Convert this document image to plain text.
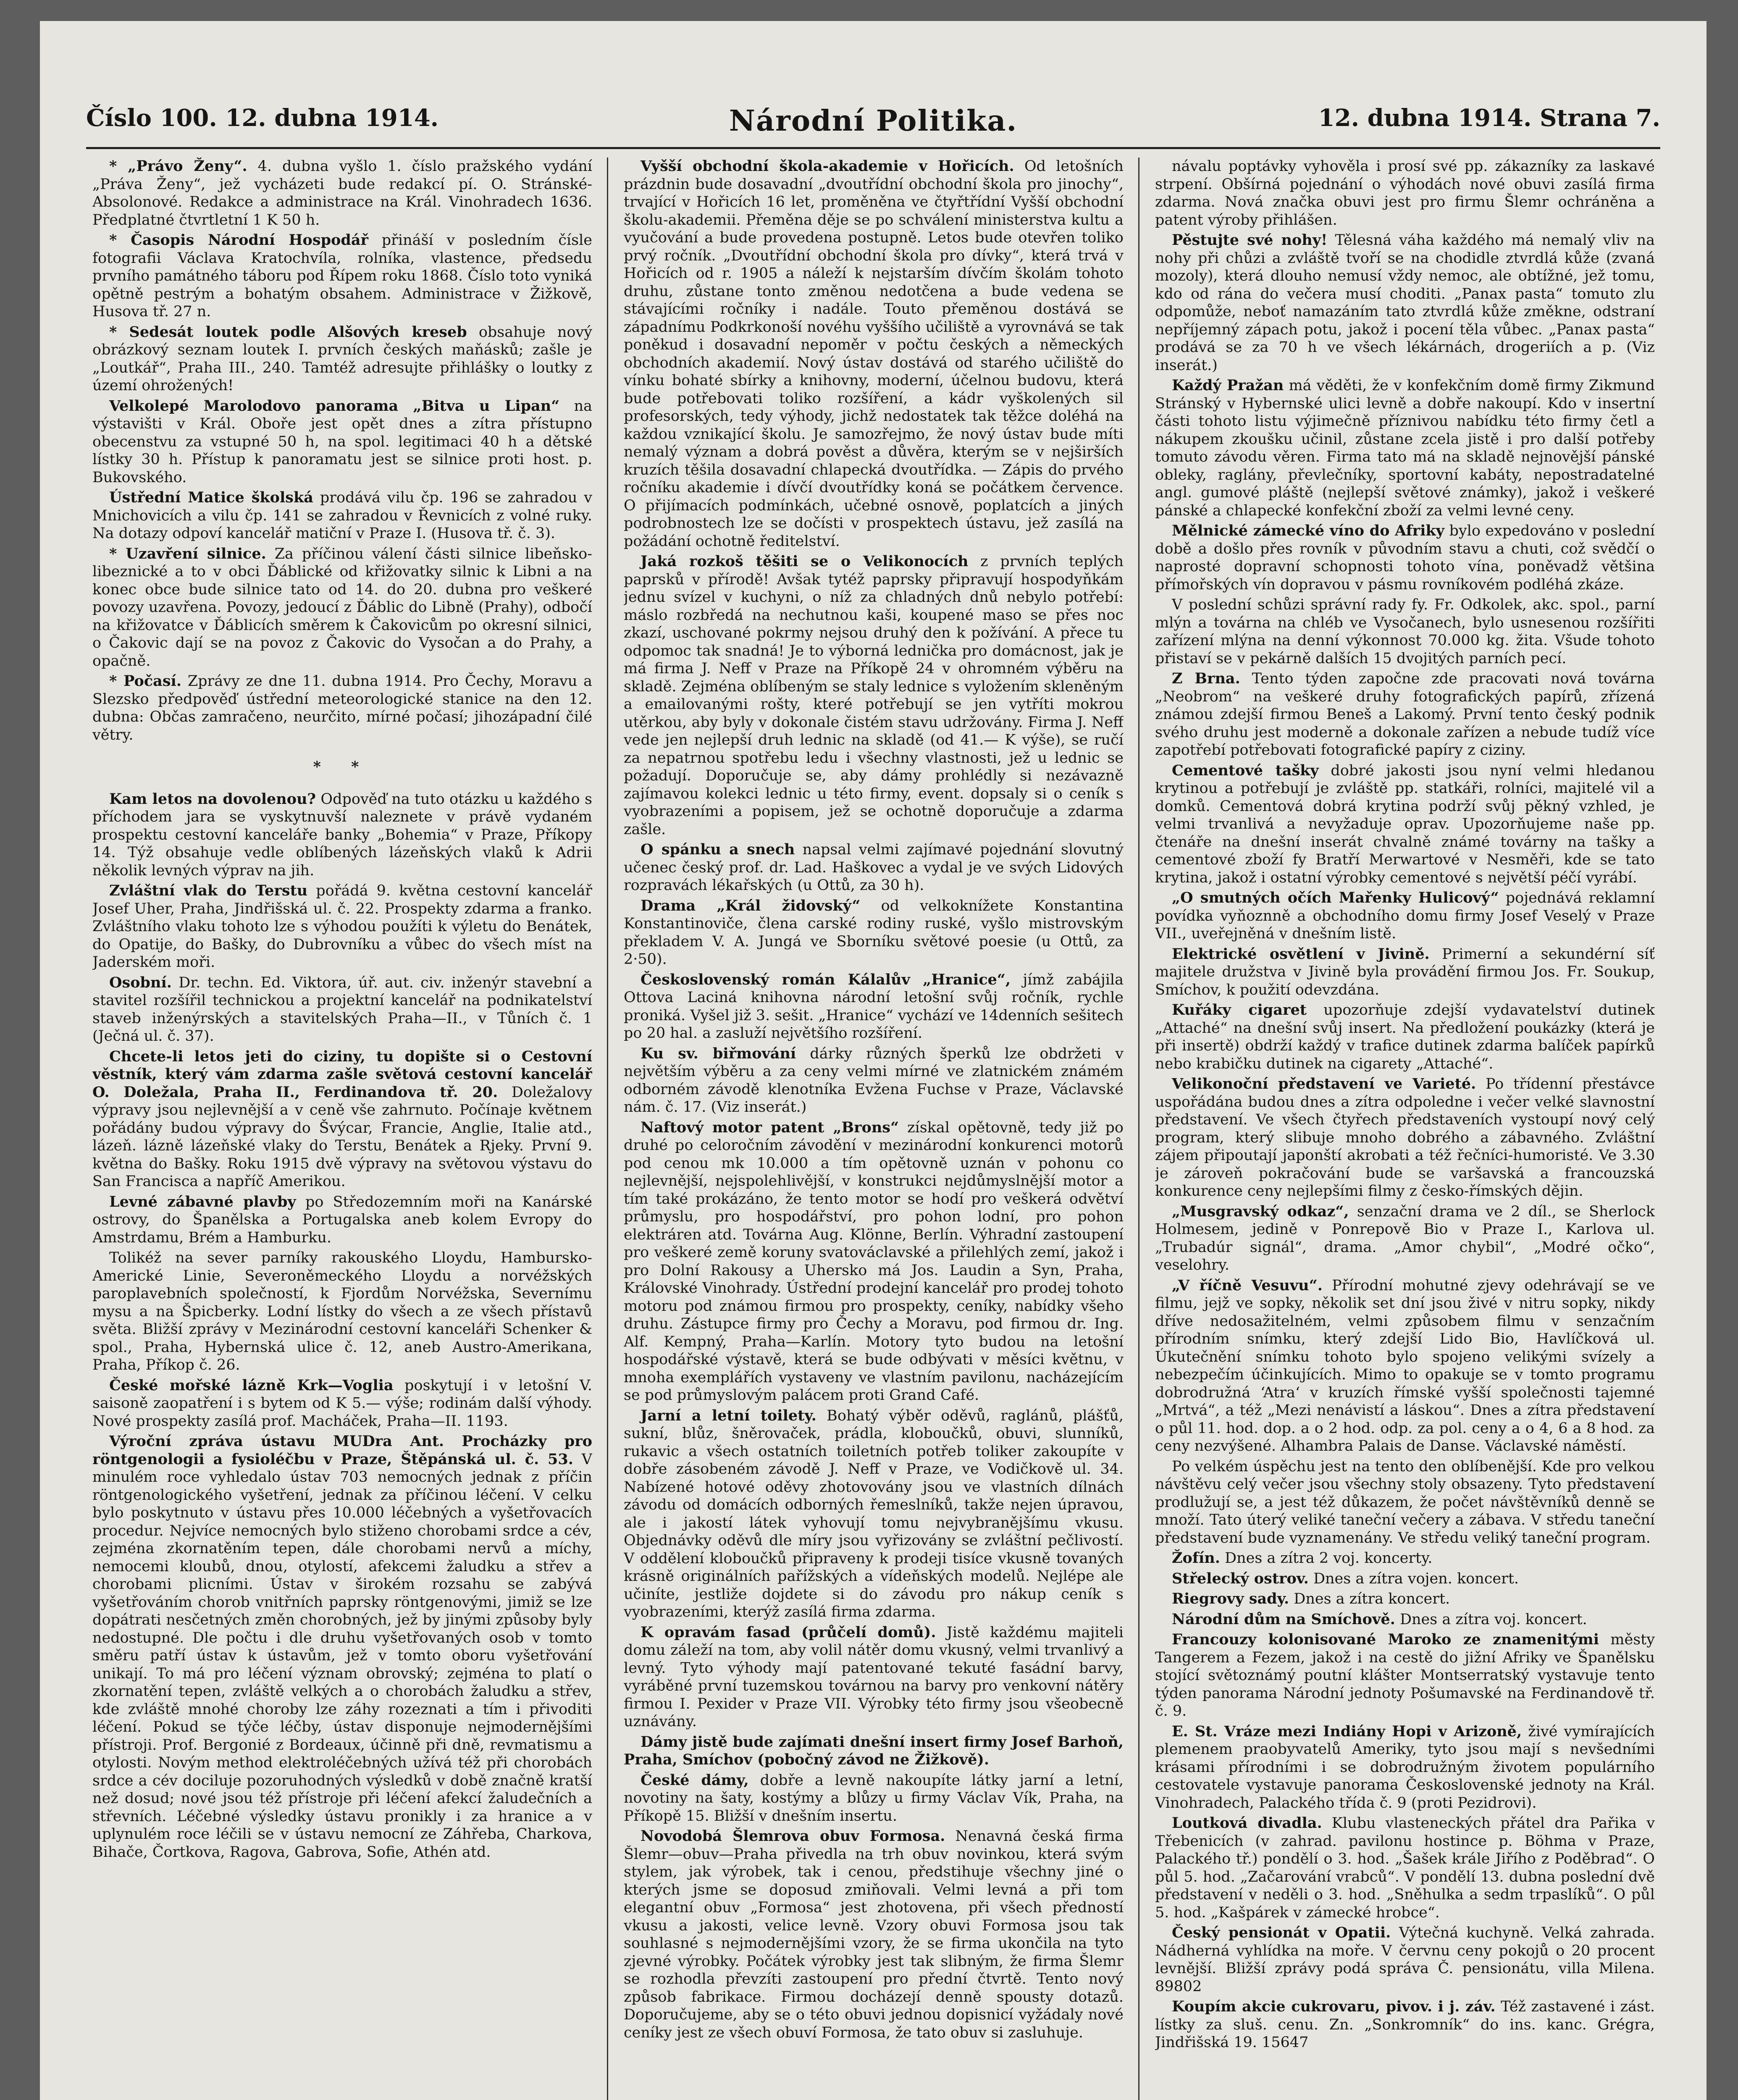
Číslo 100. 12. dubna 1914.	Národní Politika.	12. dubna 1914. Strana 7.

* „Právo Ženy“. 4. dubna vyšlo 1. číslo pražského vydání „Práva Ženy“, jež vycházeti bude redakcí pí. O. Stránské-Absolonové. Redakce a administrace na Král. Vinohradech 1636. Předplatné čtvrtletní 1 K 50 h.

* Časopis Národní Hospodář přináší v posledním čísle fotografii Václava Kratochvíla, rolníka, vlastence, předsedu prvního památného táboru pod Řípem roku 1868. Číslo toto vyniká opětně pestrým a bohatým obsahem. Administrace v Žižkově, Husova tř. 27 n.

* Sedesát loutek podle Alšových kreseb obsahuje nový obrázkový seznam loutek I. prvních českých maňásků; zašle je „Loutkář“, Praha III., 240. Tamtéž adresujte přihlášky o loutky z území ohrožených!

Velkolepé Marolodovo panorama „Bitva u Lipan“ na výstavišti v Král. Oboře jest opět dnes a zítra přístupno obecenstvu za vstupné 50 h, na spol. legitimaci 40 h a dětské lístky 30 h. Přístup k panoramatu jest se silnice proti host. p. Bukovského.

Ústřední Matice školská prodává vilu čp. 196 se zahradou v Mnichovicích a vilu čp. 141 se zahradou v Řevnicích z volné ruky. Na dotazy odpoví kancelář matiční v Praze I. (Husova tř. č. 3).

* Uzavření silnice. Za příčinou válení části silnice libeňsko-libeznické a to v obci Ďáblické od křižovatky silnic k Libni a na konec obce bude silnice tato od 14. do 20. dubna pro veškeré povozy uzavřena. Povozy, jedoucí z Ďáblic do Libně (Prahy), odbočí na křižovatce v Ďáblicích směrem k Čakovicům po okresní silnici, o Čakovic dají se na povoz z Čakovic do Vysočan a do Prahy, a opačně.

* Počasí. Zprávy ze dne 11. dubna 1914. Pro Čechy, Moravu a Slezsko předpověď ústřední meteorologické stanice na den 12. dubna: Občas zamračeno, neurčito, mírné počasí; jihozápadní čilé větry.

* *

Kam letos na dovolenou? Odpověď na tuto otázku u každého s příchodem jara se vyskytnuvší naleznete v právě vydaném prospektu cestovní kanceláře banky „Bohemia“ v Praze, Příkopy 14. Týž obsahuje vedle oblíbených lázeňských vlaků k Adrii několik levných výprav na jih.

Zvláštní vlak do Terstu pořádá 9. května cestovní kancelář Josef Uher, Praha, Jindřišská ul. č. 22. Prospekty zdarma a franko. Zvláštního vlaku tohoto lze s výhodou použíti k výletu do Benátek, do Opatije, do Bašky, do Dubrovníku a vůbec do všech míst na Jaderském moři.

Osobní. Dr. techn. Ed. Viktora, úř. aut. civ. inženýr stavební a stavitel rozšířil technickou a projektní kancelář na podnikatelství staveb inženýrských a stavitelských Praha—II., v Tůních č. 1 (Ječná ul. č. 37).

Chcete-li letos jeti do ciziny, tu dopište si o Cestovní věstník, který vám zdarma zašle světová cestovní kancelář O. Doležala, Praha II., Ferdinandova tř. 20. Doležalovy výpravy jsou nejlevnější a v ceně vše zahrnuto. Počínaje květnem pořádány budou výpravy do Švýcar, Francie, Anglie, Italie atd., lázeň. lázně lázeňské vlaky do Terstu, Benátek a Rjeky. První 9. května do Bašky. Roku 1915 dvě výpravy na světovou výstavu do San Francisca a napříč Amerikou.

Levné zábavné plavby po Středozemním moři na Kanárské ostrovy, do Španělska a Portugalska aneb kolem Evropy do Amstrdamu, Brém a Hamburku.

Tolikéž na sever parníky rakouského Lloydu, Hambursko-Americké Linie, Severoněmeckého Lloydu a norvéžských paroplavebních společností, k Fjordům Norvéžska, Severnímu mysu a na Špicberky. Lodní lístky do všech a ze všech přístavů světa. Bližší zprávy v Mezinárodní cestovní kanceláři Schenker & spol., Praha, Hybernská ulice č. 12, aneb Austro-Amerikana, Praha, Příkop č. 26.

České mořské lázně Krk—Voglia poskytují i v letošní V. saisoně zaopatření i s bytem od K 5.— výše; rodinám další výhody. Nové prospekty zasílá prof. Macháček, Praha—II. 1193.

Výroční zpráva ústavu MUDra Ant. Procházky pro röntgenologii a fysioléčbu v Praze, Štěpánská ul. č. 53. V minulém roce vyhledalo ústav 703 nemocných jednak z příčin röntgenologického vyšetření, jednak za příčinou léčení. V celku bylo poskytnuto v ústavu přes 10.000 léčebných a vyšetřovacích procedur. Nejvíce nemocných bylo stiženo chorobami srdce a cév, zejména zkornatěním tepen, dále chorobami nervů a míchy, nemocemi kloubů, dnou, otylostí, afekcemi žaludku a střev a chorobami plicními. Ústav v širokém rozsahu se zabývá vyšetřováním chorob vnitřních paprsky röntgenovými, jimiž se lze dopátrati nesčetných změn chorobných, jež by jinými způsoby byly nedostupné. Dle počtu i dle druhu vyšetřovaných osob v tomto směru patří ústav k ústavům, jež v tomto oboru vyšetřování unikají. To má pro léčení význam obrovský; zejména to platí o zkornatění tepen, zvláště velkých a o chorobách žaludku a střev, kde zvláště mnohé choroby lze záhy rozeznati a tím i přivoditi léčení. Pokud se týče léčby, ústav disponuje nejmodernějšími přístroji. Prof. Bergonié z Bordeaux, účinně při dně, revmatismu a otylosti. Novým method elektroléčebných užívá též při chorobách srdce a cév dociluje pozoruhodných výsledků v době značně kratší než dosud; nové jsou též přístroje při léčení afekcí žaludečních a střevních. Léčebné výsledky ústavu pronikly i za hranice a v uplynulém roce léčili se v ústavu nemocní ze Záhřeba, Charkova, Bihače, Čortkova, Ragova, Gabrova, Sofie, Athén atd.

Vyšší obchodní škola-akademie v Hořicích. Od letošních prázdnin bude dosavadní „dvoutřídní obchodní škola pro jinochy“, trvající v Hořicích 16 let, proměněna ve čtyřtřídní Vyšší obchodní školu-akademii. Přeměna děje se po schválení ministerstva kultu a vyučování a bude provedena postupně. Letos bude otevřen toliko prvý ročník. „Dvoutřídní obchodní škola pro dívky“, která trvá v Hořicích od r. 1905 a náleží k nejstarším dívčím školám tohoto druhu, zůstane tonto změnou nedotčena a bude vedena se stávajícími ročníky i nadále. Touto přeměnou dostává se západnímu Podkrkonoší novéhu vyššího učiliště a vyrovnává se tak poněkud i dosavadní nepoměr v počtu českých a německých obchodních akademií. Nový ústav dostává od starého učiliště do vínku bohaté sbírky a knihovny, moderní, účelnou budovu, která bude potřebovati toliko rozšíření, a kádr vyškolených sil profesorských, tedy výhody, jichž nedostatek tak těžce doléhá na každou vznikající školu. Je samozřejmo, že nový ústav bude míti nemalý význam a dobrá pověst a důvěra, kterým se v nejširších kruzích těšila dosavadní chlapecká dvoutřídka. — Zápis do prvého ročníku akademie i dívčí dvoutřídky koná se počátkem července. O přijímacích podmínkách, učebné osnově, poplatcích a jiných podrobnostech lze se dočísti v prospektech ústavu, jež zasílá na požádání ochotně ředitelství.

Jaká rozkoš těšiti se o Velikonocích z prvních teplých paprsků v přírodě! Avšak tytéž paprsky připravují hospodyňkám jednu svízel v kuchyni, o níž za chladných dnů nebylo potřebí: máslo rozbředá na nechutnou kaši, koupené maso se přes noc zkazí, uschované pokrmy nejsou druhý den k požívání. A přece tu odpomoc tak snadná! Je to výborná lednička pro domácnost, jak je má firma J. Neff v Praze na Příkopě 24 v ohromném výběru na skladě. Zejména oblíbeným se staly lednice s vyložením skleněným a emailovanými rošty, které potřebují se jen vytříti mokrou utěrkou, aby byly v dokonale čistém stavu udržovány. Firma J. Neff vede jen nejlepší druh lednic na skladě (od 41.— K výše), se ručí za nepatrnou spotřebu ledu i všechny vlastnosti, jež u lednic se požadují. Doporučuje se, aby dámy prohlédly si nezávazně zajímavou kolekci lednic u této firmy, event. dopsaly si o ceník s vyobrazeními a popisem, jež se ochotně doporučuje a zdarma zašle.

O spánku a snech napsal velmi zajímavé pojednání slovutný učenec český prof. dr. Lad. Haškovec a vydal je ve svých Lidových rozpravách lékařských (u Ottů, za 30 h).

Drama „Král židovský“ od velkoknížete Konstantina Konstantinoviče, člena carské rodiny ruské, vyšlo mistrovským překladem V. A. Jungá ve Sborníku světové poesie (u Ottů, za 2·50).

Československý román Kálalův „Hranice“, jímž zabájila Ottova Laciná knihovna národní letošní svůj ročník, rychle proniká. Vyšel již 3. sešit. „Hranice“ vychází ve 14denních sešitech po 20 hal. a zasluží největšího rozšíření.

Ku sv. biřmování dárky různých šperků lze obdržeti v největším výběru a za ceny velmi mírné ve zlatnickém známém odborném závodě klenotníka Evžena Fuchse v Praze, Václavské nám. č. 17. (Viz inserát.)

Naftový motor patent „Brons“ získal opětovně, tedy již po druhé po celoročním závodění v mezinárodní konkurenci motorů pod cenou mk 10.000 a tím opětovně uznán v pohonu co nejlevnější, nejspolehlivější, v konstrukci nejdůmyslnější motor a tím také prokázáno, že tento motor se hodí pro veškerá odvětví průmyslu, pro hospodářství, pro pohon lodní, pro pohon elektráren atd. Továrna Aug. Klönne, Berlín. Výhradní zastoupení pro veškeré země koruny svatováclavské a přilehlých zemí, jakož i pro Dolní Rakousy a Uhersko má Jos. Laudin a Syn, Praha, Královské Vinohrady. Ústřední prodejní kancelář pro prodej tohoto motoru pod známou firmou pro prospekty, ceníky, nabídky všeho druhu. Zástupce firmy pro Čechy a Moravu, pod firmou dr. Ing. Alf. Kempný, Praha—Karlín. Motory tyto budou na letošní hospodářské výstavě, která se bude odbývati v měsíci květnu, v mnoha exemplářích vystaveny ve vlastním pavilonu, nacházejícím se pod průmyslovým palácem proti Grand Café.

Jarní a letní toilety. Bohatý výběr oděvů, raglánů, plášťů, sukní, blůz, šněrovaček, prádla, kloboučků, obuvi, slunníků, rukavic a všech ostatních toiletních potřeb toliker zakoupíte v dobře zásobeném závodě J. Neff v Praze, ve Vodičkově ul. 34. Nabízené hotové oděvy zhotovovány jsou ve vlastních dílnách závodu od domácích odborných řemeslníků, takže nejen úpravou, ale i jakostí látek vyhovují tomu nejvybranějšímu vkusu. Objednávky oděvů dle míry jsou vyřizovány se zvláštní pečlivostí. V oddělení kloboučků připraveny k prodeji tisíce vkusně tovaných krásně originálních pařížských a vídeňských modelů. Nejlépe ale učiníte, jestliže dojdete si do závodu pro nákup ceník s vyobrazeními, kterýž zasílá firma zdarma.

K opravám fasad (průčelí domů). Jistě každému majiteli domu záleží na tom, aby volil nátěr domu vkusný, velmi trvanlivý a levný. Tyto výhody mají patentované tekuté fasádní barvy, vyráběné první tuzemskou továrnou na barvy pro venkovní nátěry firmou I. Pexider v Praze VII. Výrobky této firmy jsou všeobecně uznávány.

Dámy jistě bude zajímati dnešní insert firmy Josef Barhoň, Praha, Smíchov (pobočný závod ne Žižkově).

České dámy, dobře a levně nakoupíte látky jarní a letní, novotiny na šaty, kostýmy a blůzy u firmy Václav Vík, Praha, na Příkopě 15. Bližší v dnešním insertu.

Novodobá Šlemrova obuv Formosa. Nenavná česká firma Šlemr—obuv—Praha přivedla na trh obuv novinkou, která svým stylem, jak výrobek, tak i cenou, předstihuje všechny jiné o kterých jsme se doposud zmiňovali. Velmi levná a při tom elegantní obuv „Formosa“ jest zhotovena, při všech předností vkusu a jakosti, velice levně. Vzory obuvi Formosa jsou tak souhlasné s nejmodernějšími vzory, že se firma ukončila na tyto zjevné výrobky. Počátek výrobky jest tak slibným, že firma Šlemr se rozhodla převzíti zastoupení pro přední čtvrtě. Tento nový způsob fabrikace. Firmou docházejí denně spousty dotazů. Doporučujeme, aby se o této obuvi jednou dopisnicí vyžádaly nové ceníky jest ze všech obuví Formosa, že tato obuv si zasluhuje.

návalu poptávky vyhověla i prosí své pp. zákazníky za laskavé strpení. Obšírná pojednání o výhodách nové obuvi zasílá firma zdarma. Nová značka obuvi jest pro firmu Šlemr ochráněna a patent výroby přihlášen.

Pěstujte své nohy! Tělesná váha každého má nemalý vliv na nohy při chůzi a zvláště tvoří se na chodidle ztvrdlá kůže (zvaná mozoly), která dlouho nemusí vždy nemoc, ale obtížné, jež tomu, kdo od rána do večera musí choditi. „Panax pasta“ tomuto zlu odpomůže, neboť namazáním tato ztvrdlá kůže změkne, odstraní nepříjemný zápach potu, jakož i pocení těla vůbec. „Panax pasta“ prodává se za 70 h ve všech lékárnách, drogeriích a p. (Viz inserát.)

Každý Pražan má věděti, že v konfekčním domě firmy Zikmund Stránský v Hybernské ulici levně a dobře nakoupí. Kdo v insertní části tohoto listu výjimečně příznivou nabídku této firmy četl a nákupem zkoušku učinil, zůstane zcela jistě i pro další potřeby tomuto závodu věren. Firma tato má na skladě nejnovější pánské obleky, raglány, převlečníky, sportovní kabáty, nepostradatelné angl. gumové pláště (nejlepší světové známky), jakož i veškeré pánské a chlapecké konfekční zboží za velmi levné ceny.

Mělnické zámecké víno do Afriky bylo expedováno v poslední době a došlo přes rovník v původním stavu a chuti, což svědčí o naprosté dopravní schopnosti tohoto vína, poněvadž většina přímořských vín dopravou v pásmu rovníkovém podléhá zkáze.

V poslední schůzi správní rady fy. Fr. Odkolek, akc. spol., parní mlýn a továrna na chléb ve Vysočanech, bylo usnesenou rozšířiti zařízení mlýna na denní výkonnost 70.000 kg. žita. Všude tohoto přistaví se v pekárně dalších 15 dvojitých parních pecí.

Z Brna. Tento týden započne zde pracovati nová továrna „Neobrom“ na veškeré druhy fotografických papírů, zřízená známou zdejší firmou Beneš a Lakomý. První tento český podnik svého druhu jest moderně a dokonale zařízen a nebude tudíž více zapotřebí potřebovati fotografické papíry z ciziny.

Cementové tašky dobré jakosti jsou nyní velmi hledanou krytinou a potřebují je zvláště pp. statkáři, rolníci, majitelé vil a domků. Cementová dobrá krytina podrží svůj pěkný vzhled, je velmi trvanlivá a nevyžaduje oprav. Upozorňujeme naše pp. čtenáře na dnešní inserát chvalně známé továrny na tašky a cementové zboží fy Bratří Merwartové v Nesměři, kde se tato krytina, jakož i ostatní výrobky cementové s největší péčí vyrábí.

„O smutných očích Mařenky Hulicový“ pojednává reklamní povídka vyňoznně a obchodního domu firmy Josef Veselý v Praze VII., uveřejněná v dnešním listě.

Elektrické osvětlení v Jivině. Primerní a sekundérní síť majitele družstva v Jivině byla provádění firmou Jos. Fr. Soukup, Smíchov, k použití odevzdána.

Kuřáky cigaret upozorňuje zdejší vydavatelství dutinek „Attaché“ na dnešní svůj insert. Na předložení poukázky (která je při insertě) obdrží každý v trafice dutinek zdarma balíček papírků nebo krabičku dutinek na cigarety „Attaché“.

Velikonoční představení ve Varieté. Po třídenní přestávce uspořádána budou dnes a zítra odpoledne i večer velké slavnostní představení. Ve všech čtyřech představeních vystoupí nový celý program, který slibuje mnoho dobrého a zábavného. Zvláštní zájem připoutají japonští akrobati a též řečníci-humoristé. Ve 3.30 je zároveň pokračování bude se varšavská a francouzská konkurence ceny nejlepšími filmy z česko-římských dějin.

„Musgravský odkaz“, senzační drama ve 2 díl., se Sherlock Holmesem, jedině v Ponrepově Bio v Praze I., Karlova ul. „Trubadúr signál“, drama. „Amor chybil“, „Modré očko“, veselohry.

„V říčně Vesuvu“. Přírodní mohutné zjevy odehrávají se ve filmu, jejž ve sopky, několik set dní jsou živé v nitru sopky, nikdy dříve nedosažitelném, velmi způsobem filmu v senzačním přírodním snímku, který zdejší Lido Bio, Havlíčková ul. Úkutečnění snímku tohoto bylo spojeno velikými svízely a nebezpečím účinkujících. Mimo to opakuje se v tomto programu dobrodružná ‘Atra‘ v kruzích římské vyšší společnosti tajemné „Mrtvá“, a též „Mezi nenávistí a láskou“. Dnes a zítra představení o půl 11. hod. dop. a o 2 hod. odp. za pol. ceny a o 4, 6 a 8 hod. za ceny nezvýšené. Alhambra Palais de Danse. Václavské náměstí.

Po velkém úspěchu jest na tento den oblíbenější. Kde pro velkou návštěvu celý večer jsou všechny stoly obsazeny. Tyto představení prodlužují se, a jest též důkazem, že počet návštěvníků denně se množí. Tato úterý veliké taneční večery a zábava. V středu taneční představení bude vyznamenány. Ve středu veliký taneční program.

Žofín. Dnes a zítra 2 voj. koncerty.

Střelecký ostrov. Dnes a zítra vojen. koncert.

Riegrovy sady. Dnes a zítra koncert.

Národní dům na Smíchově. Dnes a zítra voj. koncert.

Francouzy kolonisované Maroko ze znamenitými městy Tangerem a Fezem, jakož i na cestě do jižní Afriky ve Španělsku stojící světoznámý poutní klášter Montserratský vystavuje tento týden panorama Národní jednoty Pošumavské na Ferdinandově tř. č. 9.

E. St. Vráze mezi Indiány Hopi v Arizoně, živé vymírajících plemenem praobyvatelů Ameriky, tyto jsou mají s nevšedními krásami přírodními i se dobrodružným životem populárního cestovatele vystavuje panorama Československé jednoty na Král. Vinohradech, Palackého třída č. 9 (proti Pezidrovi).

Loutková divadla. Klubu vlasteneckých přátel dra Pařika v Třebenicích (v zahrad. pavilonu hostince p. Böhma v Praze, Palackého tř.) pondělí o 3. hod. „Šašek krále Jiřího z Poděbrad“. O půl 5. hod. „Začarování vrabců“. V pondělí 13. dubna poslední dvě představení v neděli o 3. hod. „Sněhulka a sedm trpaslíků“. O půl 5. hod. „Kašpárek v zámecké hrobce“.

Český pensionát v Opatii. Výtečná kuchyně. Velká zahrada. Nádherná vyhlídka na moře. V červnu ceny pokojů o 20 procent levnější. Bližší zprávy podá správa Č. pensionátu, villa Milena. 89802

Koupím akcie cukrovaru, pivov. i j. záv. Též zastavené i zást. lístky za sluš. cenu. Zn. „Sonkromník“ do ins. kanc. Grégra, Jindřišská 19. 15647
